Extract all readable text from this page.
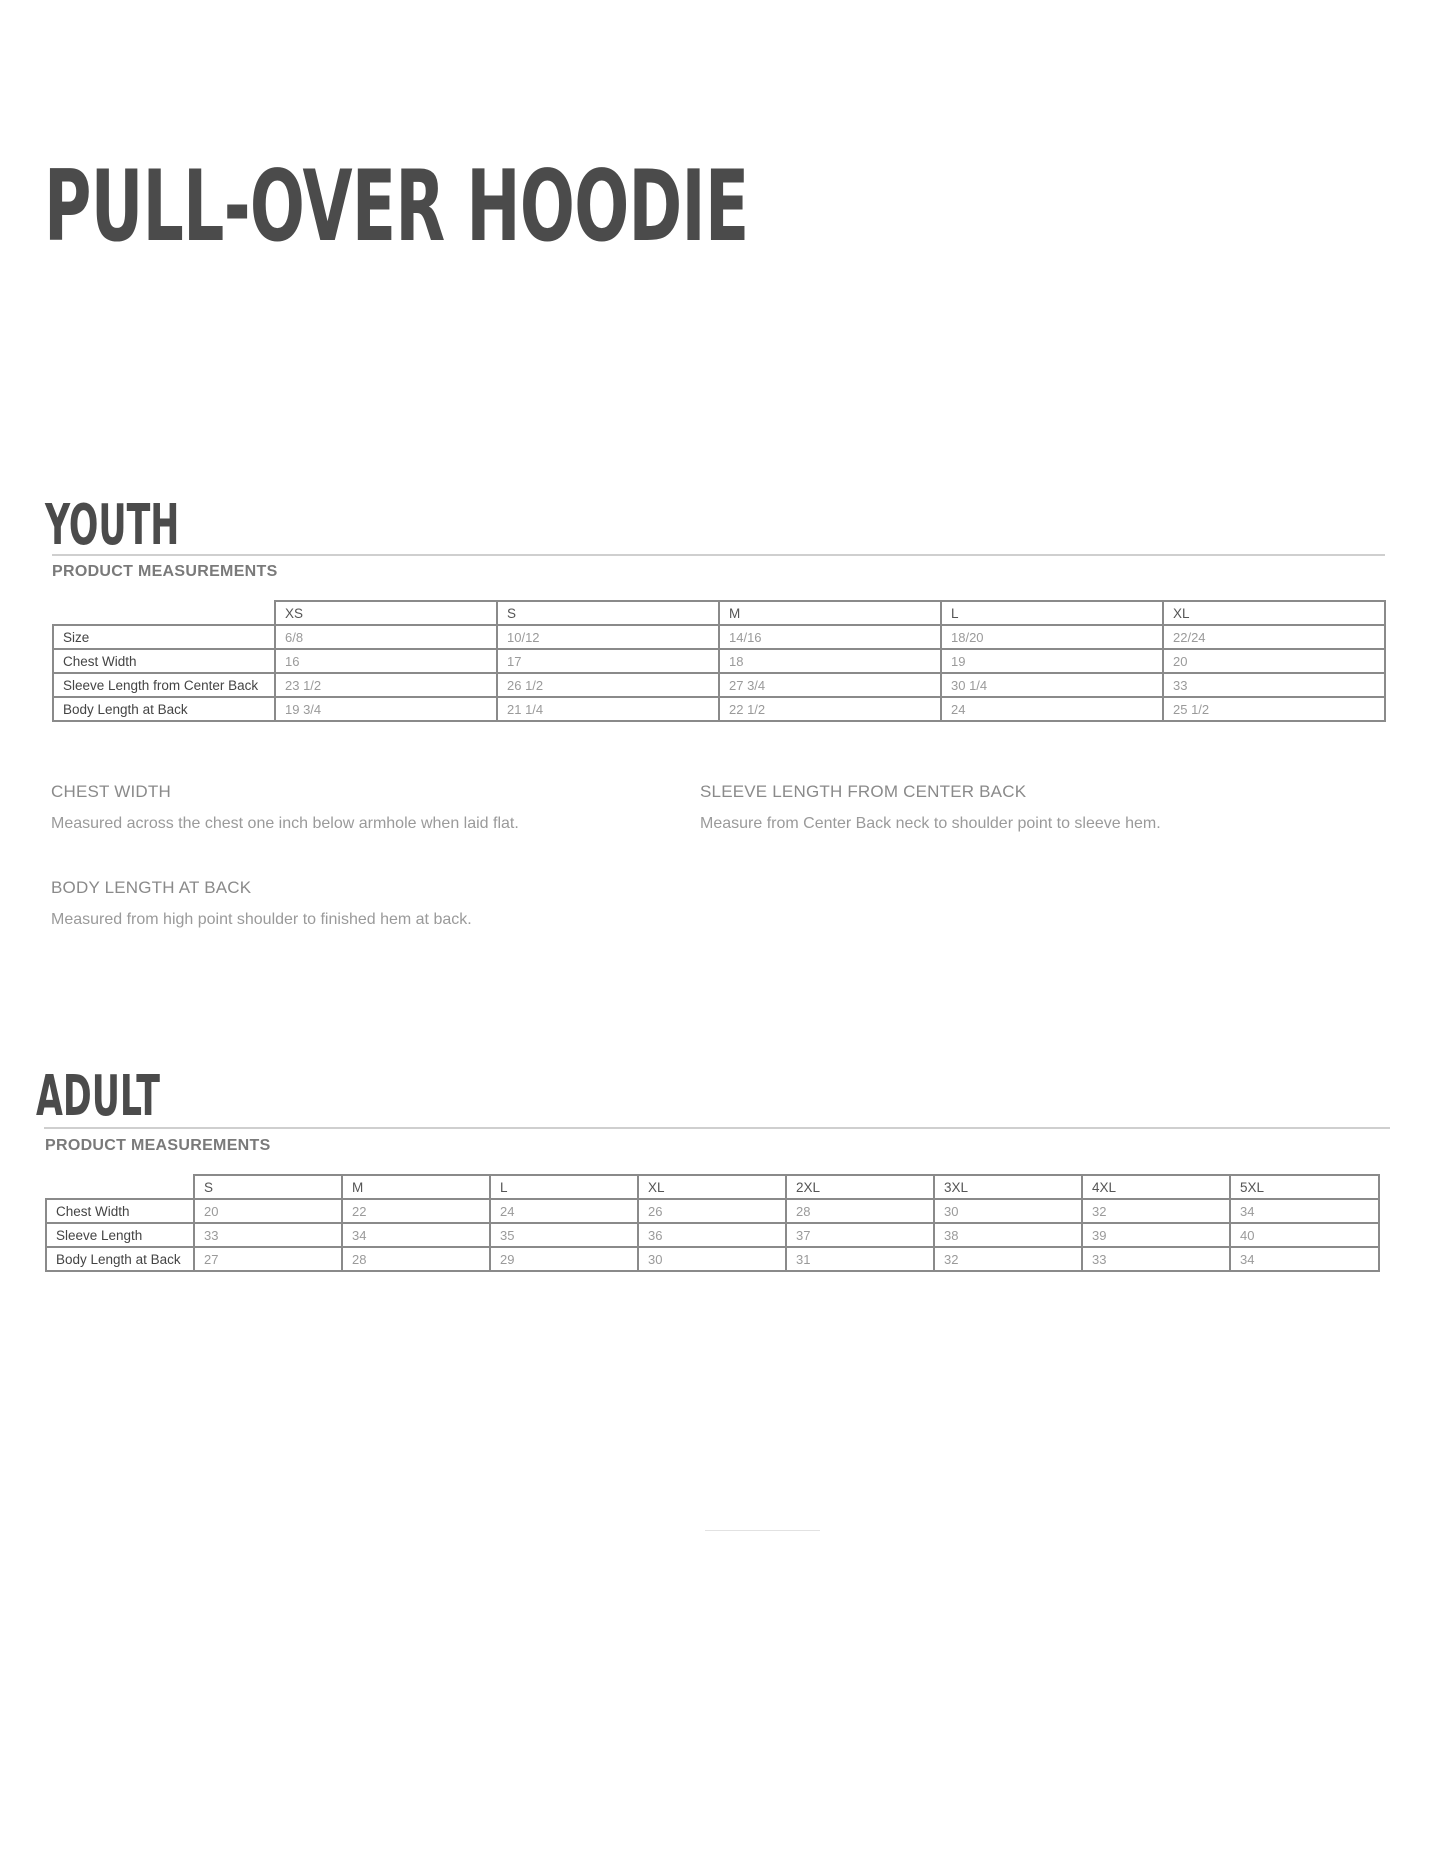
PULL-OVER HOODIE
YOUTH
PRODUCT MEASUREMENTS
	XS	S	M	L	XL
Size	6/8	10/12	14/16	18/20	22/24
Chest Width	16	17	18	19	20
Sleeve Length from Center Back	23 1/2	26 1/2	27 3/4	30 1/4	33
Body Length at Back	19 3/4	21 1/4	22 1/2	24	25 1/2
CHEST WIDTH
Measured across the chest one inch below armhole when laid flat.
SLEEVE LENGTH FROM CENTER BACK
Measure from Center Back neck to shoulder point to sleeve hem.
BODY LENGTH AT BACK
Measured from high point shoulder to finished hem at back.
ADULT
PRODUCT MEASUREMENTS
	S	M	L	XL	2XL	3XL	4XL	5XL
Chest Width	20	22	24	26	28	30	32	34
Sleeve Length	33	34	35	36	37	38	39	40
Body Length at Back	27	28	29	30	31	32	33	34
